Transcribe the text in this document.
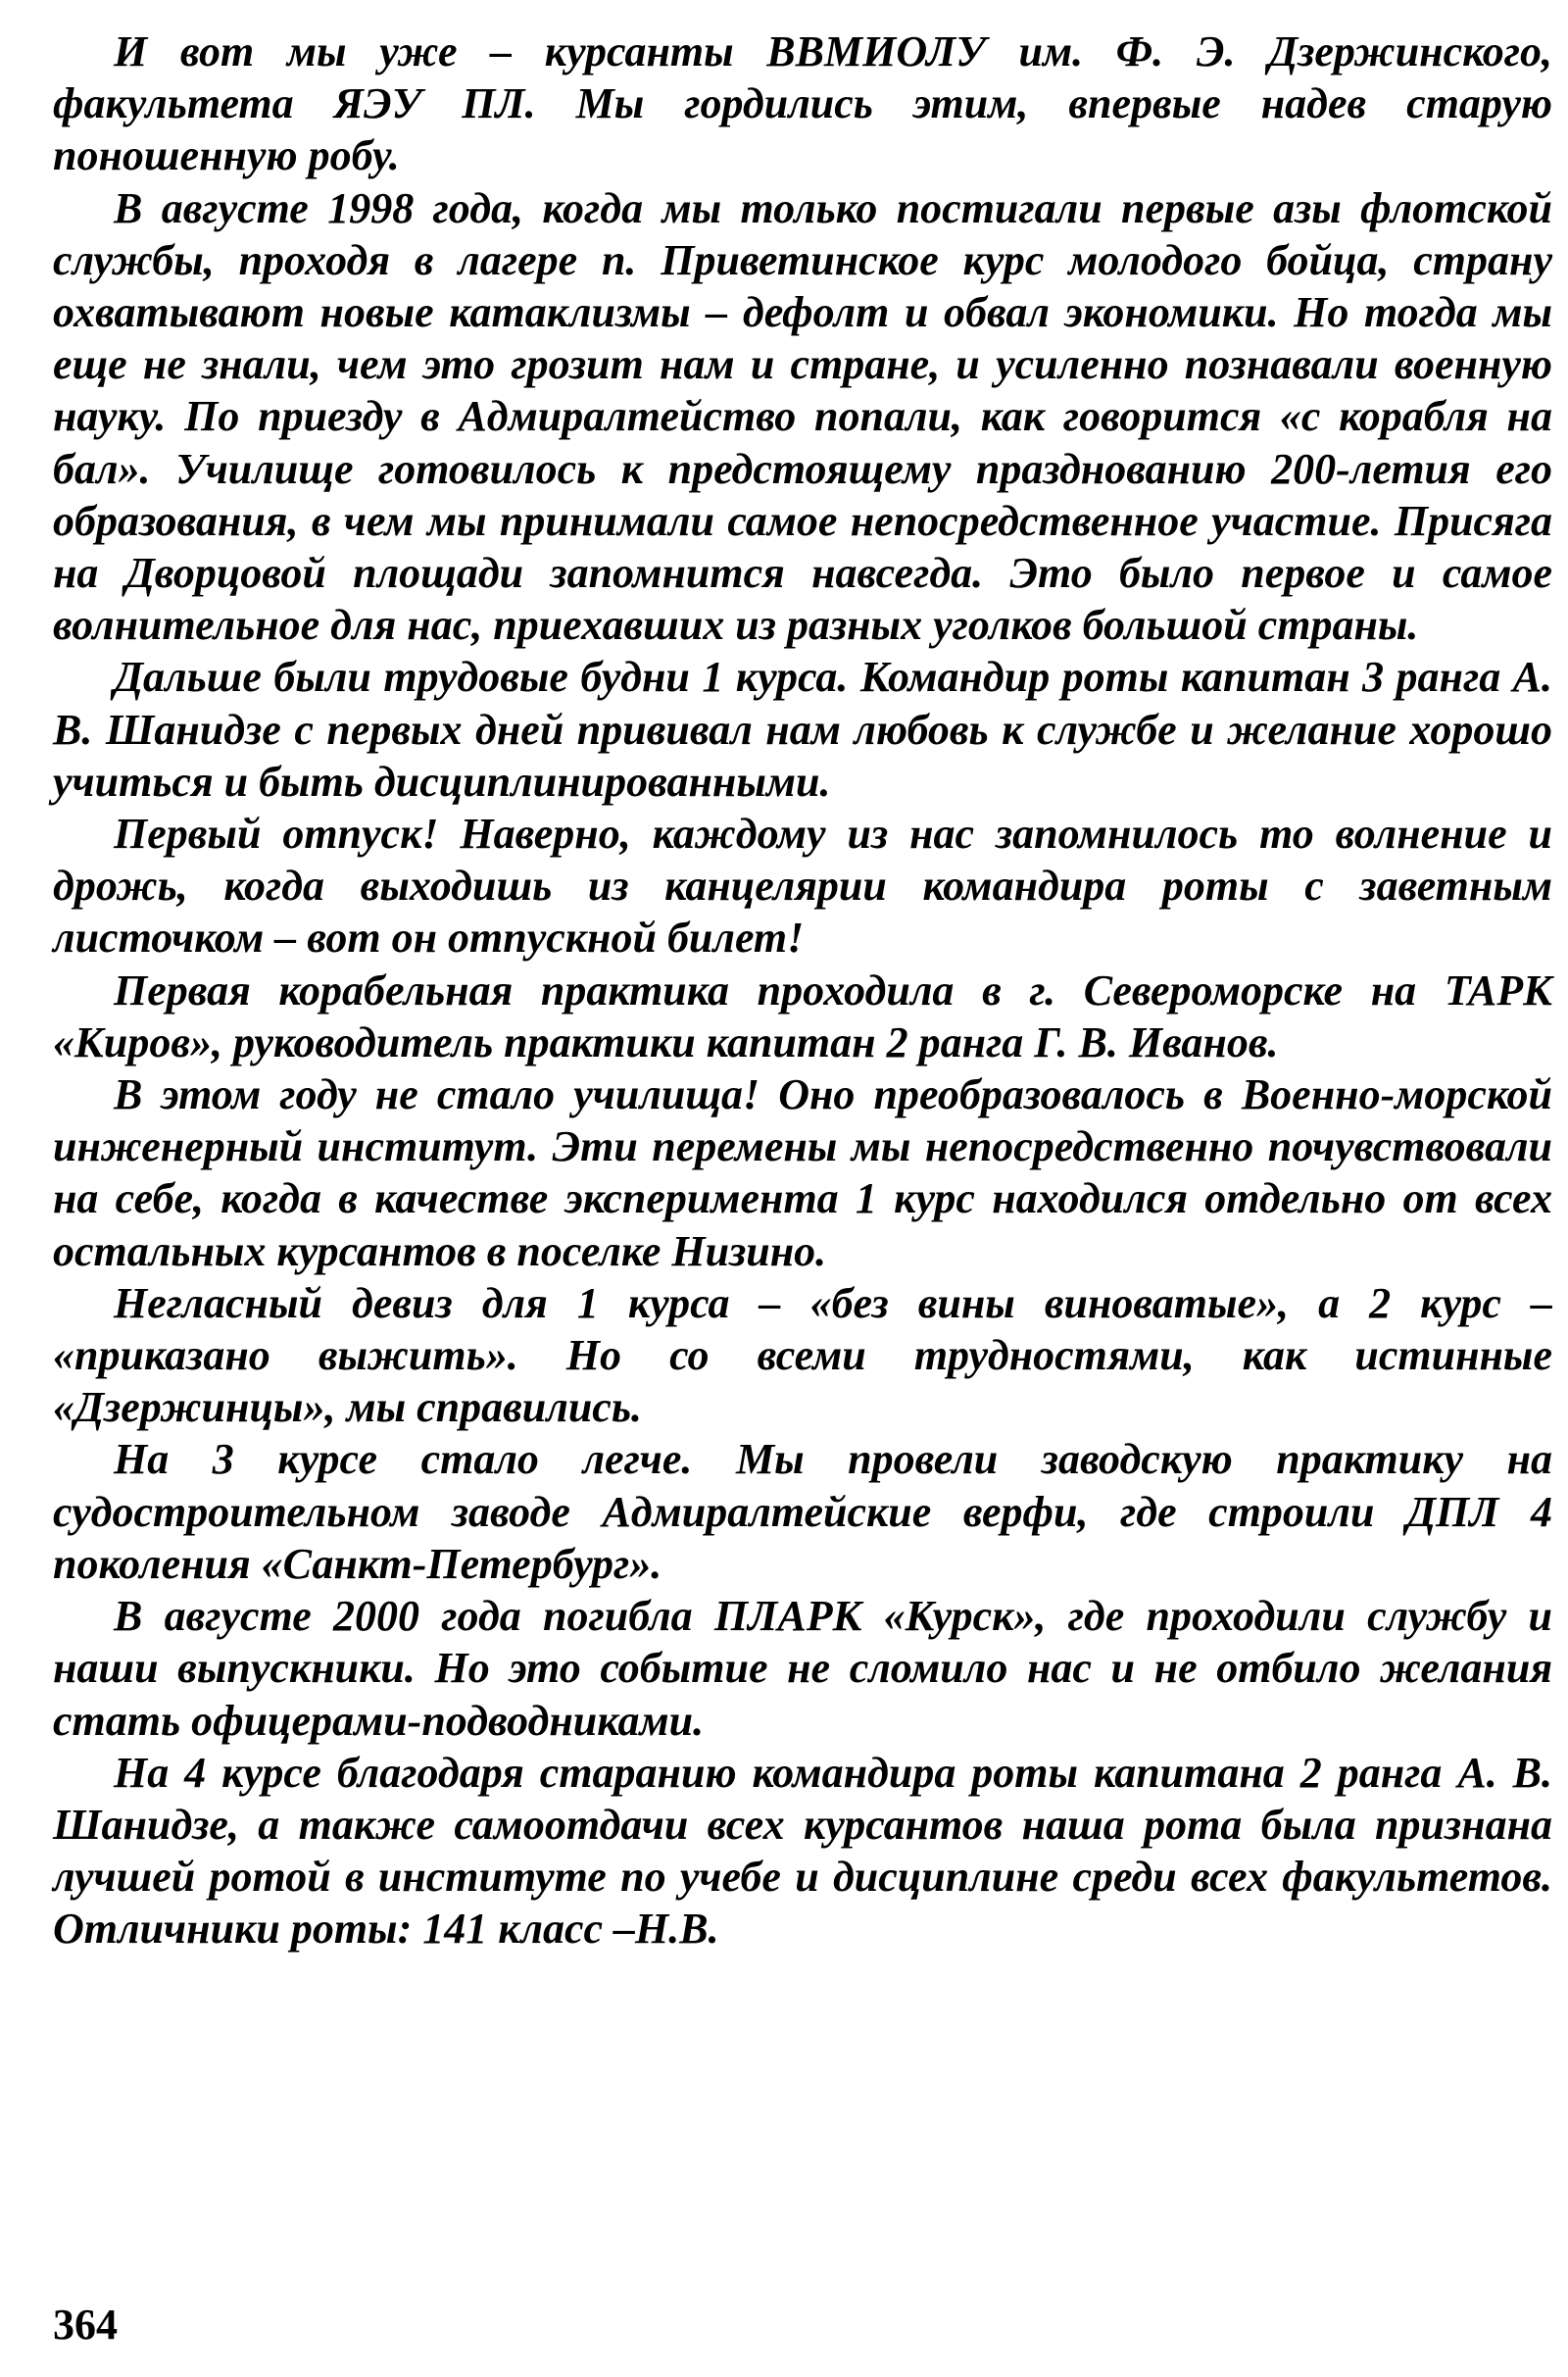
И вот мы уже – курсанты ВВМИОЛУ им. Ф. Э. Дзержинского, факультета ЯЭУ ПЛ. Мы гордились этим, впервые надев старую поношенную робу.

В августе 1998 года, когда мы только постигали первые азы флотской службы, проходя в лагере п. Приветинское курс молодого бойца, страну охватывают новые катаклизмы – дефолт и обвал экономики. Но тогда мы еще не знали, чем это грозит нам и стране, и усиленно познавали военную науку. По приезду в Адмиралтейство попали, как говорится «с корабля на бал». Училище готовилось к предстоящему празднованию 200-летия его образования, в чем мы принимали самое непосредственное участие. Присяга на Дворцовой площади запомнится навсегда. Это было первое и самое волнительное для нас, приехавших из разных уголков большой страны.

Дальше были трудовые будни 1 курса. Командир роты капитан 3 ранга А. В. Шанидзе с первых дней прививал нам любовь к службе и желание хорошо учиться и быть дисциплинированными.

Первый отпуск! Наверно, каждому из нас запомнилось то волнение и дрожь, когда выходишь из канцелярии командира роты с заветным листочком – вот он отпускной билет!

Первая корабельная практика проходила в г. Североморске на ТАРК «Киров», руководитель практики капитан 2 ранга Г. В. Иванов.

В этом году не стало училища! Оно преобразовалось в Военно-морской инженерный институт. Эти перемены мы непосредственно почувствовали на себе, когда в качестве эксперимента 1 курс находился отдельно от всех остальных курсантов в поселке Низино.

Негласный девиз для 1 курса – «без вины виноватые», а 2 курс – «приказано выжить». Но со всеми трудностями, как истинные «Дзержинцы», мы справились.

На 3 курсе стало легче. Мы провели заводскую практику на судостроительном заводе Адмиралтейские верфи, где строили ДПЛ 4 поколения «Санкт-Петербург».

В августе 2000 года погибла ПЛАРК «Курск», где проходили службу и наши выпускники. Но это событие не сломило нас и не отбило желания стать офицерами-подводниками.

На 4 курсе благодаря старанию командира роты капитана 2 ранга А. В. Шанидзе, а также самоотдачи всех курсантов наша рота была признана лучшей ротой в институте по учебе и дисциплине среди всех факультетов. Отличники роты: 141 класс –Н.В.

364
